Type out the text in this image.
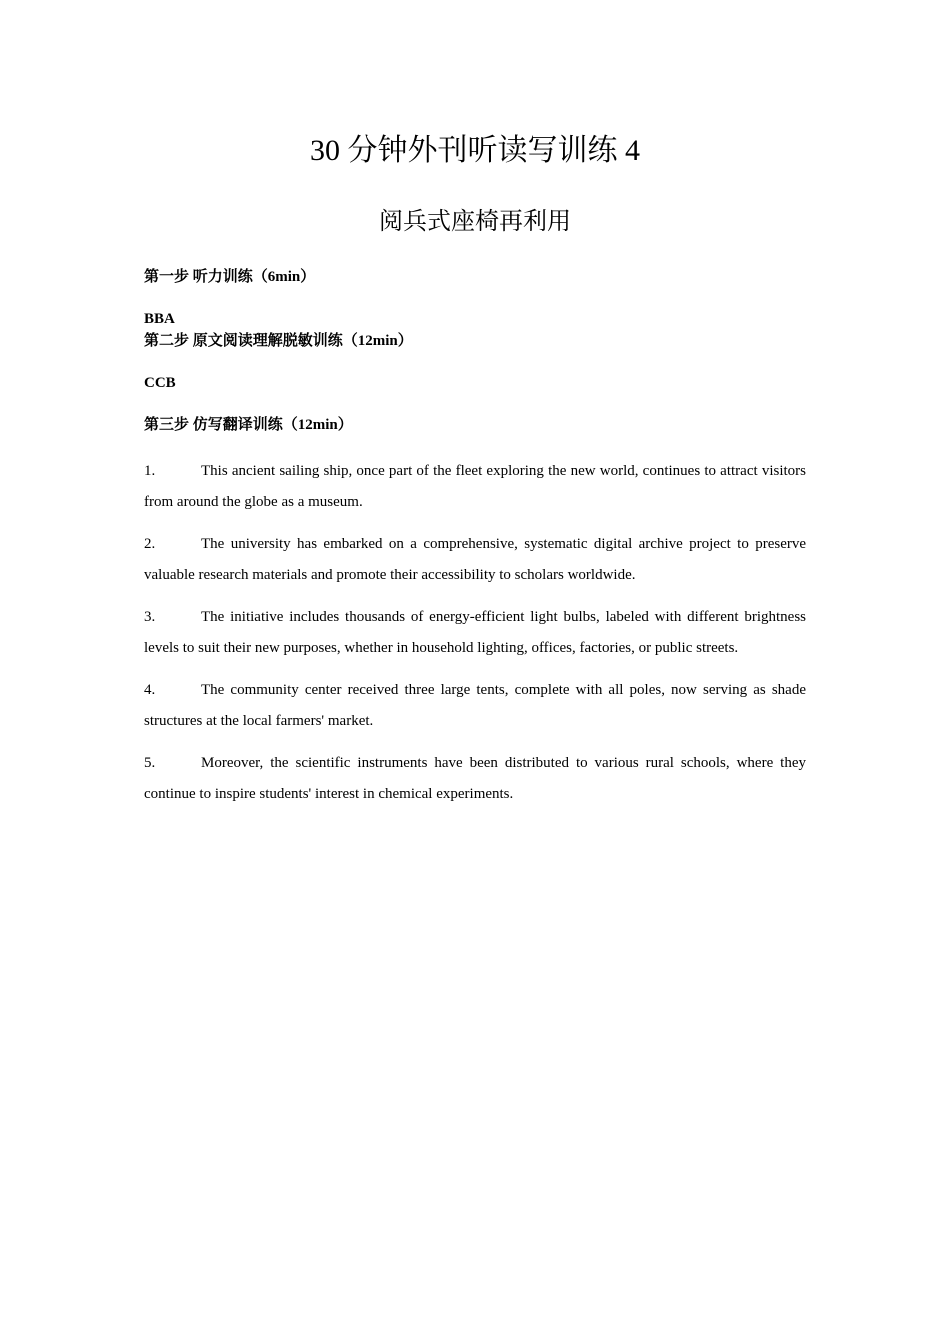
30 分钟外刊听读写训练 4
阅兵式座椅再利用

第一步 听力训练（6min）

BBA

第二步 原文阅读理解脱敏训练（12min）

CCB

第三步 仿写翻译训练（12min）

1.	This ancient sailing ship, once part of the fleet exploring the new world, continues to attract visitors from around the globe as a museum.
2.	The university has embarked on a comprehensive, systematic digital archive project to preserve valuable research materials and promote their accessibility to scholars worldwide.
3.	The initiative includes thousands of energy-efficient light bulbs, labeled with different brightness levels to suit their new purposes, whether in household lighting, offices, factories, or public streets.
4.	The community center received three large tents, complete with all poles, now serving as shade structures at the local farmers' market.
5.	Moreover, the scientific instruments have been distributed to various rural schools, where they continue to inspire students' interest in chemical experiments.
